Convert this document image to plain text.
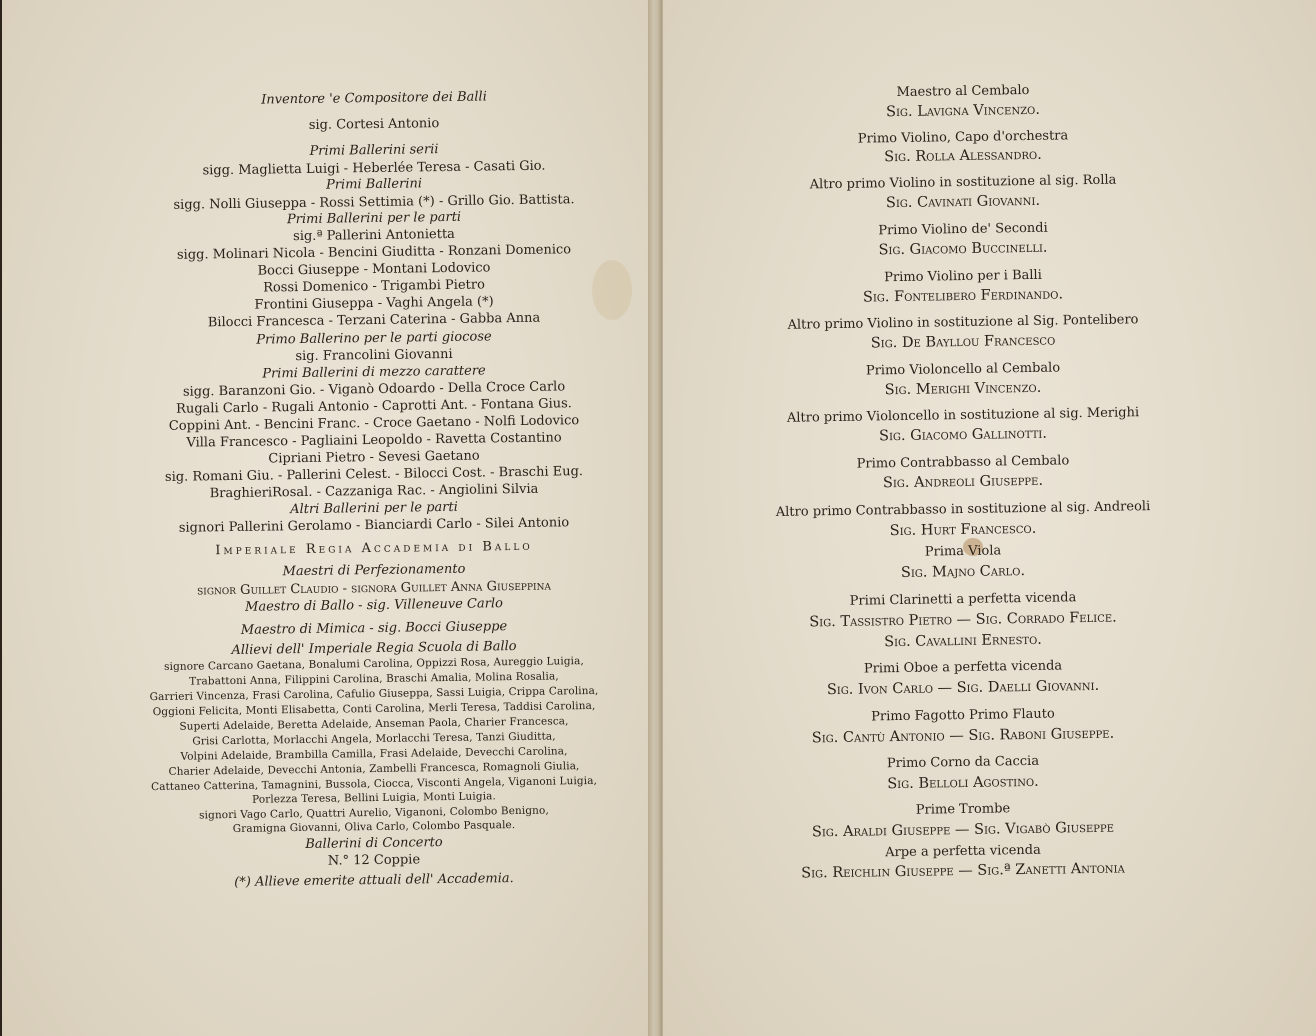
Inventore 'e Compositore dei Balli
sig. Cortesi Antonio
Primi Ballerini serii
sigg. Maglietta Luigi - Heberlée Teresa - Casati Gio.
Primi Ballerini
sigg. Nolli Giuseppa - Rossi Settimia (*) - Grillo Gio. Battista.
Primi Ballerini per le parti
sig.ª Pallerini Antonietta
sigg. Molinari Nicola - Bencini Giuditta - Ronzani Domenico
Bocci Giuseppe - Montani Lodovico
Rossi Domenico - Trigambi Pietro
Frontini Giuseppa - Vaghi Angela (*)
Bilocci Francesca - Terzani Caterina - Gabba Anna
Primo Ballerino per le parti giocose
sig. Francolini Giovanni
Primi Ballerini di mezzo carattere
sigg. Baranzoni Gio. - Viganò Odoardo - Della Croce Carlo
Rugali Carlo - Rugali Antonio - Caprotti Ant. - Fontana Gius.
Coppini Ant. - Bencini Franc. - Croce Gaetano - Nolfi Lodovico
Villa Francesco - Pagliaini Leopoldo - Ravetta Costantino
Cipriani Pietro - Sevesi Gaetano
sig. Romani Giu. - Pallerini Celest. - Bilocci Cost. - Braschi Eug.
BraghieriRosal. - Cazzaniga Rac. - Angiolini Silvia
Altri Ballerini per le parti
signori Pallerini Gerolamo - Bianciardi Carlo - Silei Antonio
Imperiale Regia Accademia di Ballo
Maestri di Perfezionamento
signor Guillet Claudio - signora Guillet Anna Giuseppina
Maestro di Ballo - sig. Villeneuve Carlo
Maestro di Mimica - sig. Bocci Giuseppe
Allievi dell' Imperiale Regia Scuola di Ballo
signore Carcano Gaetana, Bonalumi Carolina, Oppizzi Rosa, Aureggio Luigia,
Trabattoni Anna, Filippini Carolina, Braschi Amalia, Molina Rosalia,
Garrieri Vincenza, Frasi Carolina, Cafulio Giuseppa, Sassi Luigia, Crippa Carolina,
Oggioni Felicita, Monti Elisabetta, Conti Carolina, Merli Teresa, Taddisi Carolina,
Superti Adelaide, Beretta Adelaide, Anseman Paola, Charier Francesca,
Grisi Carlotta, Morlacchi Angela, Morlacchi Teresa, Tanzi Giuditta,
Volpini Adelaide, Brambilla Camilla, Frasi Adelaide, Devecchi Carolina,
Charier Adelaide, Devecchi Antonia, Zambelli Francesca, Romagnoli Giulia,
Cattaneo Catterina, Tamagnini, Bussola, Ciocca, Visconti Angela, Viganoni Luigia,
Porlezza Teresa, Bellini Luigia, Monti Luigia.
signori Vago Carlo, Quattri Aurelio, Viganoni, Colombo Benigno,
Gramigna Giovanni, Oliva Carlo, Colombo Pasquale.
Ballerini di Concerto
N.° 12 Coppie
(*) Allieve emerite attuali dell' Accademia.
Maestro al Cembalo
Sig. Lavigna Vincenzo.
Primo Violino, Capo d'orchestra
Sig. Rolla Alessandro.
Altro primo Violino in sostituzione al sig. Rolla
Sig. Cavinati Giovanni.
Primo Violino de' Secondi
Sig. Giacomo Buccinelli.
Primo Violino per i Balli
Sig. Fontelibero Ferdinando.
Altro primo Violino in sostituzione al Sig. Pontelibero
Sig. De Bayllou Francesco
Primo Violoncello al Cembalo
Sig. Merighi Vincenzo.
Altro primo Violoncello in sostituzione al sig. Merighi
Sig. Giacomo Gallinotti.
Primo Contrabbasso al Cembalo
Sig. Andreoli Giuseppe.
Altro primo Contrabbasso in sostituzione al sig. Andreoli
Sig. Hurt Francesco.
Prima Viola
Sig. Majno Carlo.
Primi Clarinetti a perfetta vicenda
Sig. Tassistro Pietro — Sig. Corrado Felice.
Sig. Cavallini Ernesto.
Primi Oboe a perfetta vicenda
Sig. Ivon Carlo — Sig. Daelli Giovanni.
Primo Fagotto Primo Flauto
Sig. Cantù Antonio — Sig. Raboni Giuseppe.
Primo Corno da Caccia
Sig. Belloli Agostino.
Prime Trombe
Sig. Araldi Giuseppe — Sig. Vigabò Giuseppe
Arpe a perfetta vicenda
Sig. Reichlin Giuseppe — Sig.ª Zanetti Antonia
